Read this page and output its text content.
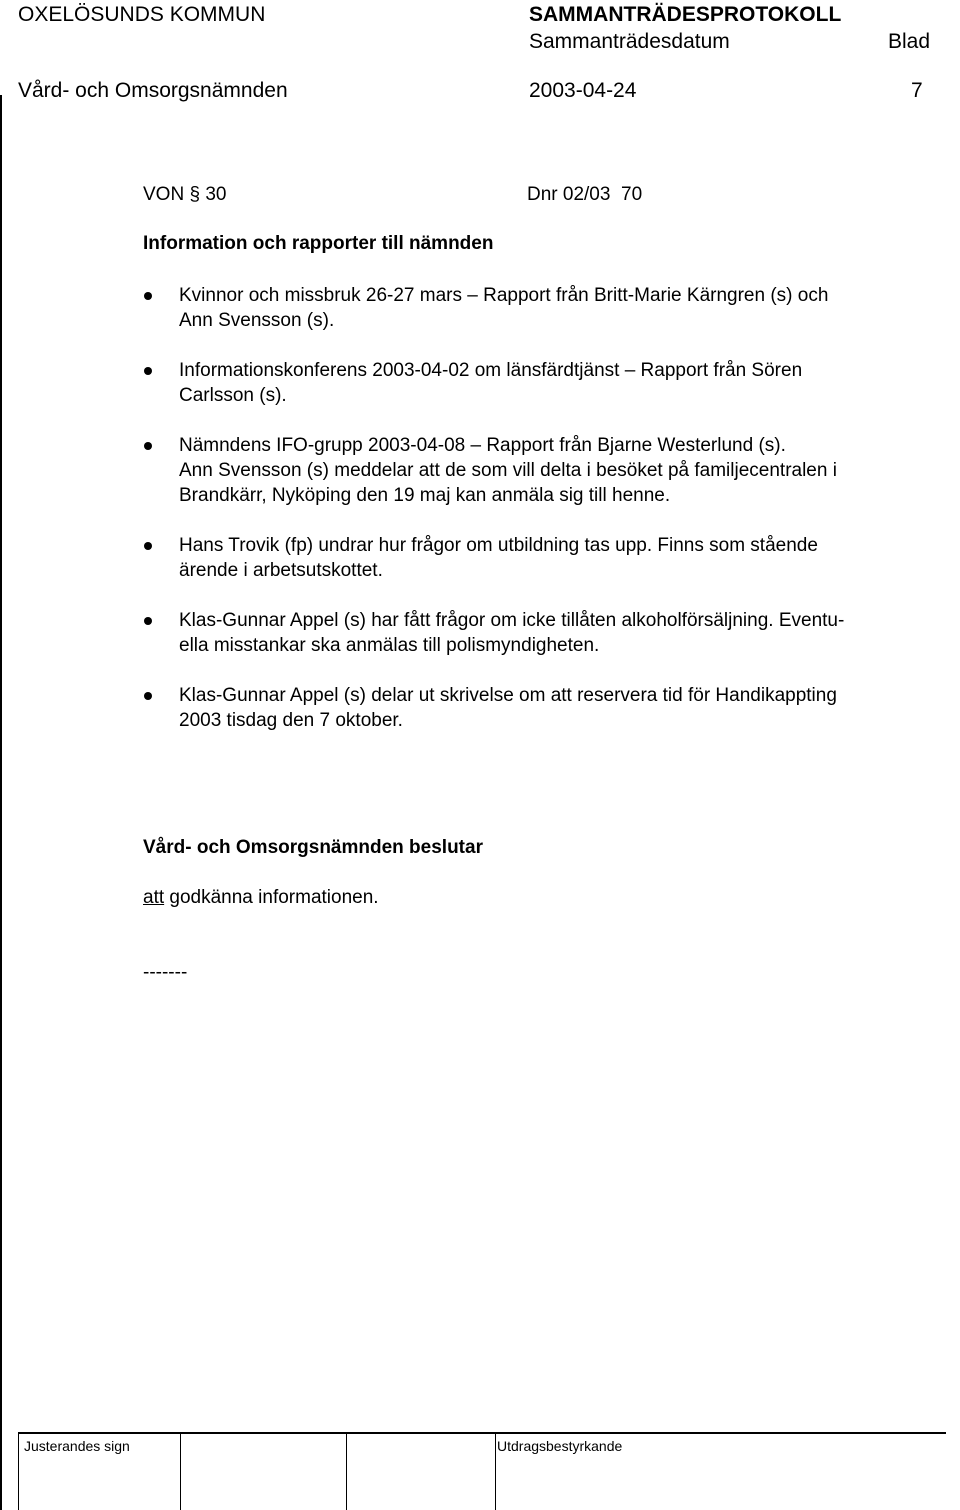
OXELÖSUNDS KOMMUN	SAMMANTRÄDESPROTOKOLL
Sammanträdesdatum	Blad
Vård- och Omsorgsnämnden	2003-04-24	7
VON § 30	Dnr 02/03  70
Information och rapporter till nämnden
Kvinnor och missbruk 26-27 mars – Rapport från Britt-Marie Kärngren (s) och
Ann Svensson (s).
Informationskonferens 2003-04-02 om länsfärdtjänst – Rapport från Sören
Carlsson (s).
Nämndens IFO-grupp 2003-04-08 – Rapport från Bjarne Westerlund (s).
Ann Svensson (s) meddelar att de som vill delta i besöket på familjecentralen i
Brandkärr, Nyköping den 19 maj kan anmäla sig till henne.
Hans Trovik (fp) undrar hur frågor om utbildning tas upp. Finns som stående
ärende i arbetsutskottet.
Klas-Gunnar Appel (s) har fått frågor om icke tillåten alkoholförsäljning. Eventu-
ella misstankar ska anmälas till polismyndigheten.
Klas-Gunnar Appel (s) delar ut skrivelse om att reservera tid för Handikappting
2003 tisdag den 7 oktober.
Vård- och Omsorgsnämnden beslutar
att godkänna informationen.
-------
Justerandes sign	Utdragsbestyrkande
